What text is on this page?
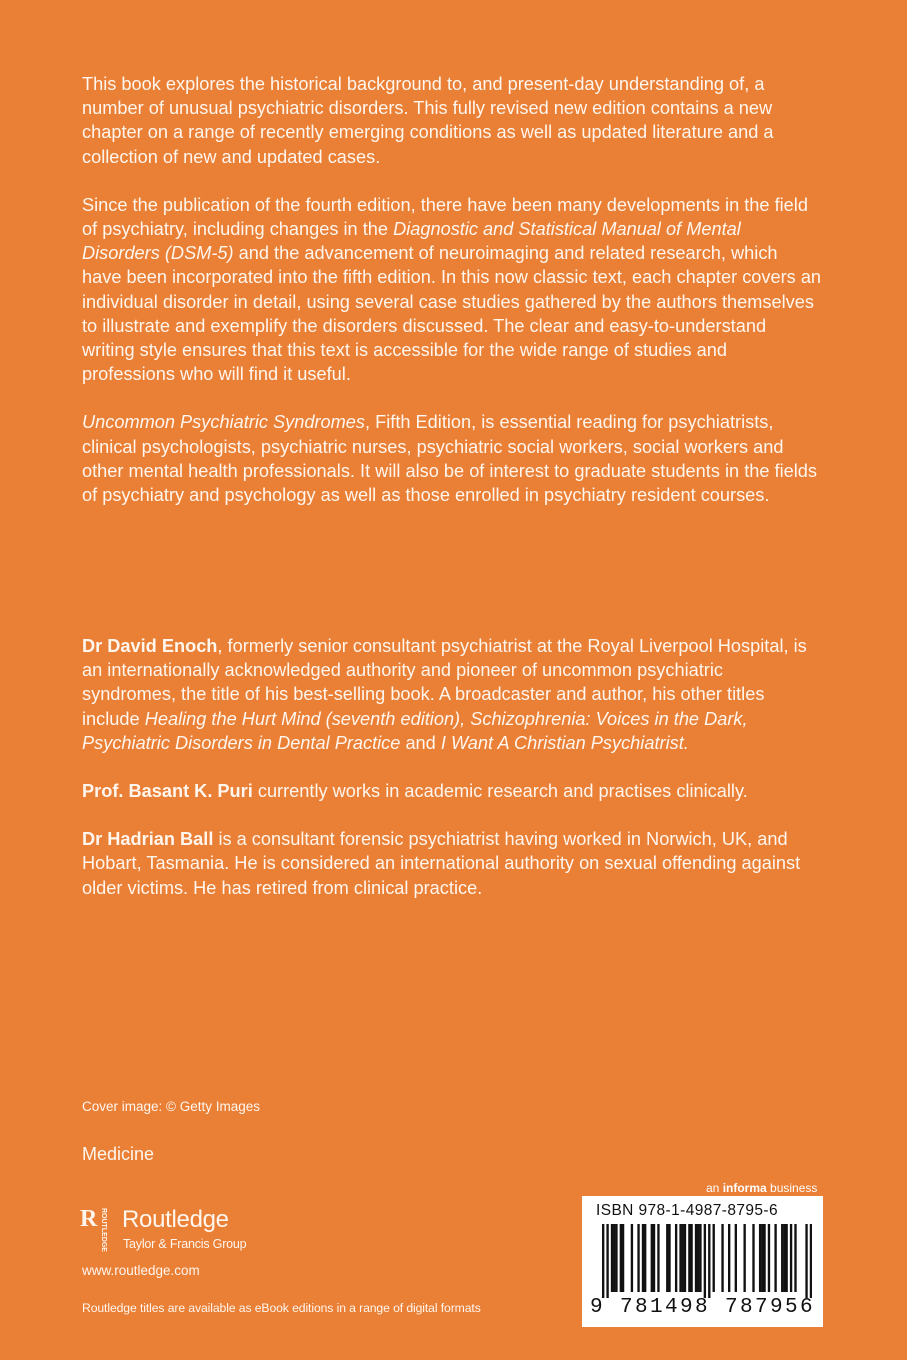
This book explores the historical background to, and present-day understanding of, a number of unusual psychiatric disorders. This fully revised new edition contains a new chapter on a range of recently emerging conditions as well as updated literature and a collection of new and updated cases.

Since the publication of the fourth edition, there have been many developments in the field of psychiatry, including changes in the Diagnostic and Statistical Manual of Mental Disorders (DSM-5) and the advancement of neuroimaging and related research, which have been incorporated into the fifth edition. In this now classic text, each chapter covers an individual disorder in detail, using several case studies gathered by the authors themselves to illustrate and exemplify the disorders discussed. The clear and easy-to-understand writing style ensures that this text is accessible for the wide range of studies and professions who will find it useful.

Uncommon Psychiatric Syndromes, Fifth Edition, is essential reading for psychiatrists, clinical psychologists, psychiatric nurses, psychiatric social workers, social workers and other mental health professionals. It will also be of interest to graduate students in the fields of psychiatry and psychology as well as those enrolled in psychiatry resident courses.

Dr David Enoch, formerly senior consultant psychiatrist at the Royal Liverpool Hospital, is an internationally acknowledged authority and pioneer of uncommon psychiatric syndromes, the title of his best-selling book. A broadcaster and author, his other titles include Healing the Hurt Mind (seventh edition), Schizophrenia: Voices in the Dark, Psychiatric Disorders in Dental Practice and I Want A Christian Psychiatrist.

Prof. Basant K. Puri currently works in academic research and practises clinically.

Dr Hadrian Ball is a consultant forensic psychiatrist having worked in Norwich, UK, and Hobart, Tasmania. He is considered an international authority on sexual offending against older victims. He has retired from clinical practice.

Cover image: © Getty Images
Medicine
R ROUTLEDGE Routledge
Taylor & Francis Group
www.routledge.com
Routledge titles are available as eBook editions in a range of digital formats
an informa business
ISBN 978-1-4987-8795-6
9 781498 787956
